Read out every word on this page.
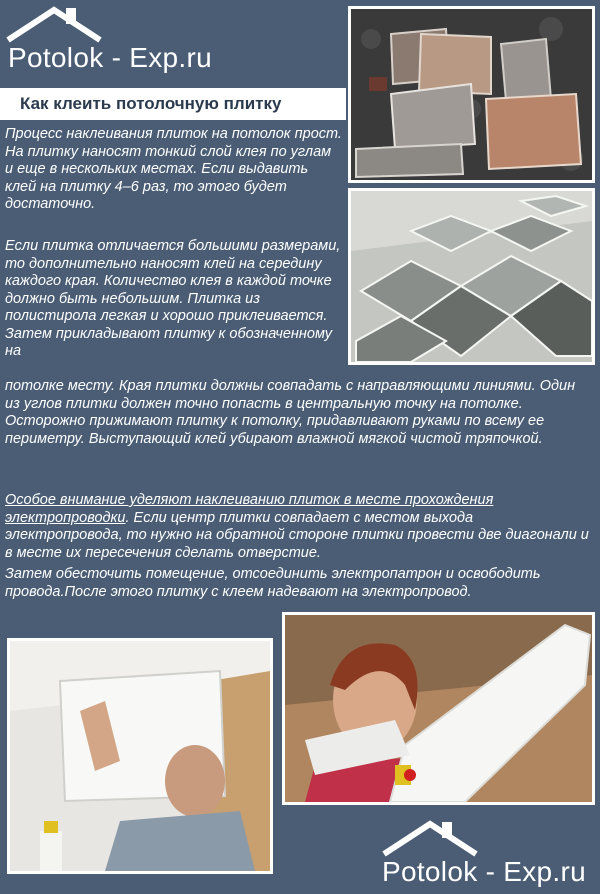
Potolok - Exp.ru
Как клеить потолочную плитку

Процесс наклеивания плиток на потолок прост. На плитку наносят тонкий слой клея по углам и еще в нескольких местах. Если выдавить клей на плитку 4–6 раз, то этого будет достаточно.

Если плитка отличается большими размерами, то дополнительно наносят клей на середину каждого края. Количество клея в каждой точке должно быть небольшим. Плитка из полистирола легкая и хорошо приклеивается. Затем прикладывают плитку к обозначенному на

потолке месту. Края плитки должны совпадать с направляющими линиями. Один из углов плитки должен точно попасть в центральную точку на потолке. Осторожно прижимают плитку к потолку, придавливают руками по всему ее периметру. Выступающий клей убирают влажной мягкой чистой тряпочкой.

Особое внимание уделяют наклеиванию плиток в месте прохождения электропроводки. Если центр плитки совпадает с местом выхода электропровода, то нужно на обратной стороне плитки провести две диагонали и в месте их пересечения сделать отверстие.

Затем обесточить помещение, отсоединить электропатрон и освободить провода.После этого плитку с клеем надевают на электропровод.

Potolok - Exp.ru
